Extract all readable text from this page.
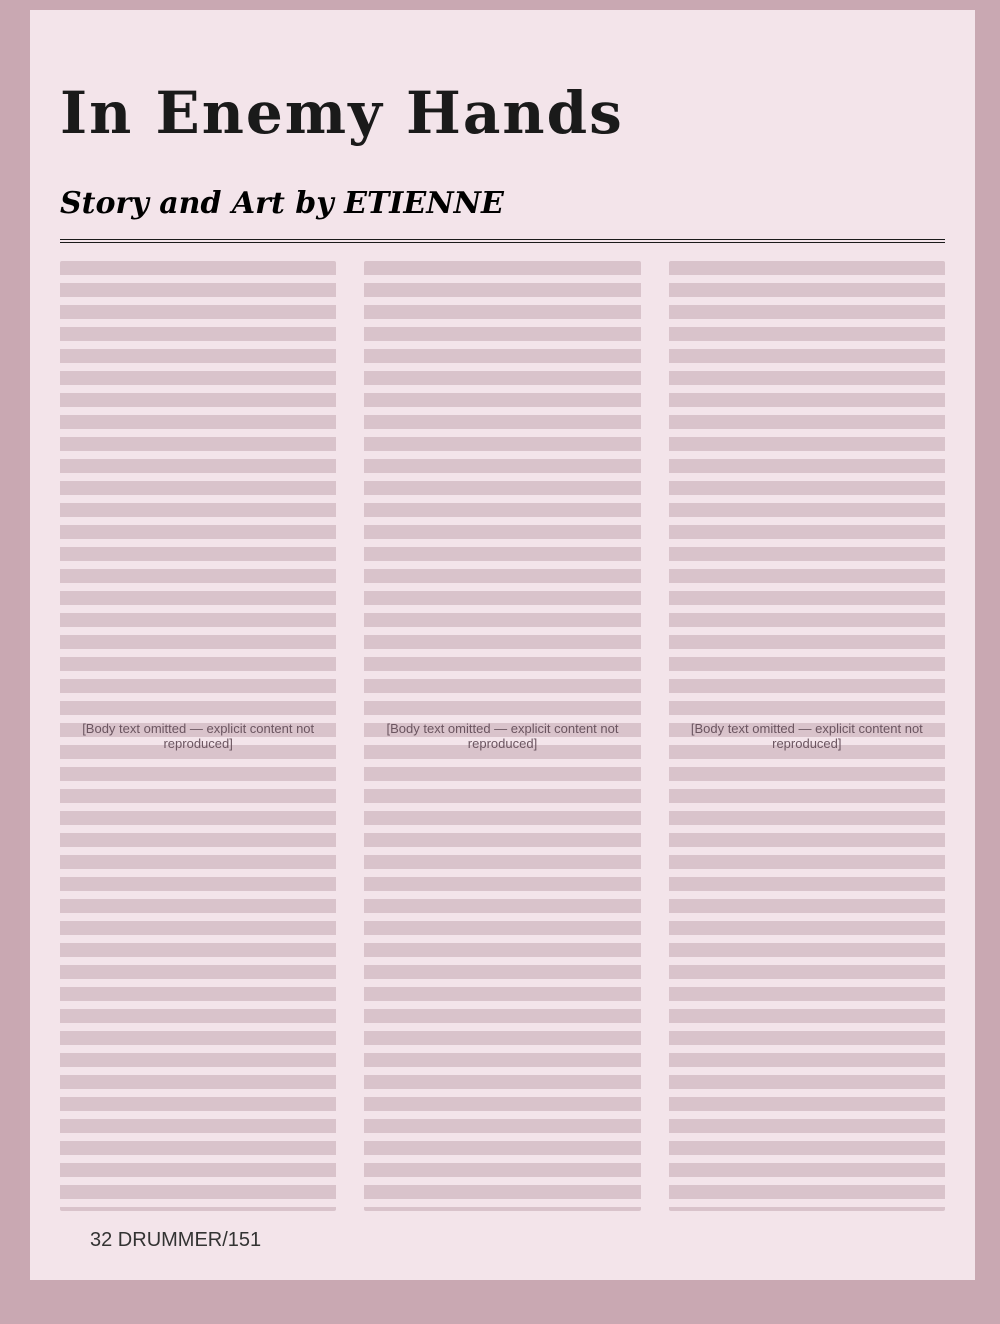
In Enemy Hands
Story and Art by ETIENNE
[Body text omitted — explicit content not reproduced]
[Body text omitted — explicit content not reproduced]
[Body text omitted — explicit content not reproduced]
32 DRUMMER/151
